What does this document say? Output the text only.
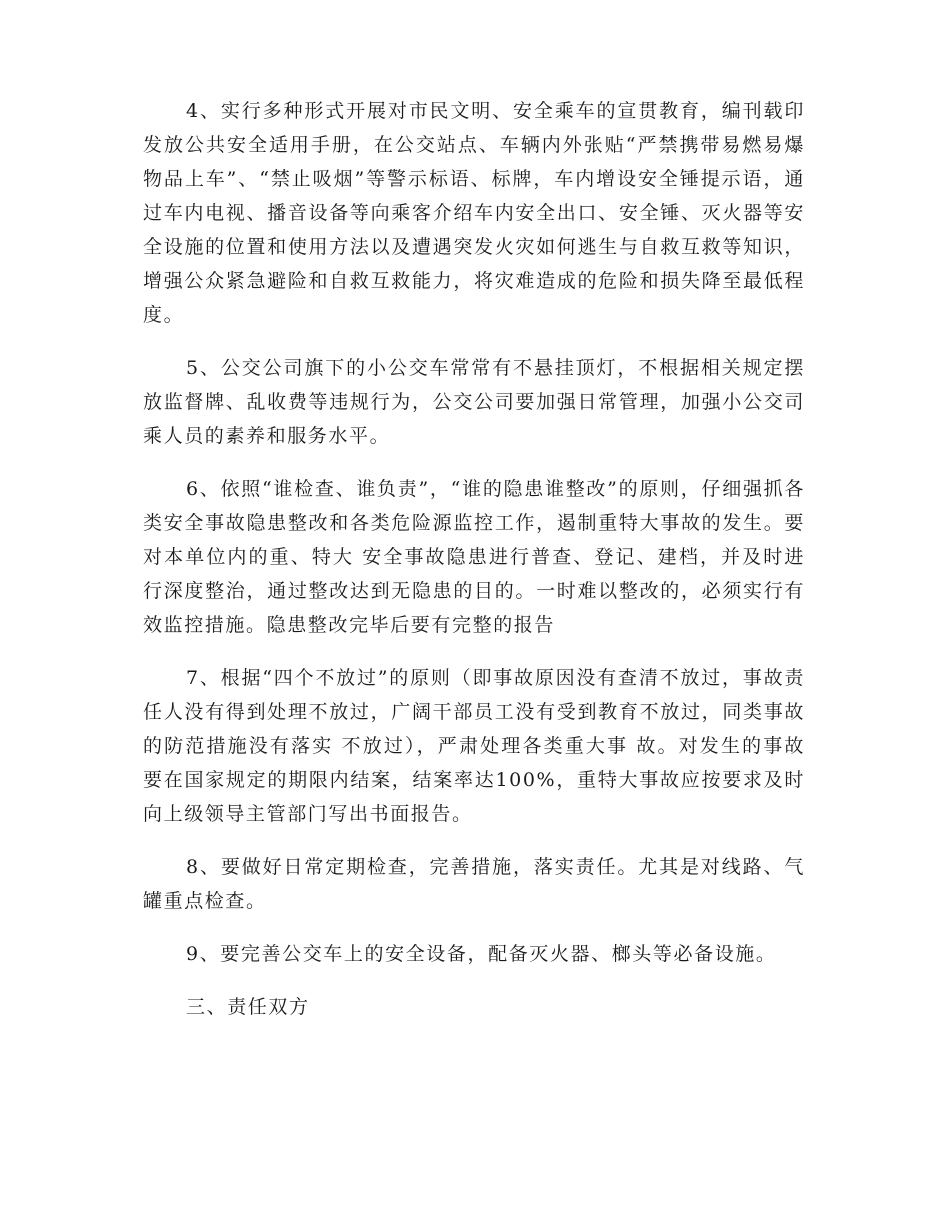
4、实行多种形式开展对市民文明、安全乘车的宣贯教育，编刊载印发放公共安全适用手册，在公交站点、车辆内外张贴“严禁携带易燃易爆物品上车”、“禁止吸烟”等警示标语、标牌，车内增设安全锤提示语，通过车内电视、播音设备等向乘客介绍车内安全出口、安全锤、灭火器等安全设施的位置和使用方法以及遭遇突发火灾如何逃生与自救互救等知识，增强公众紧急避险和自救互救能力，将灾难造成的危险和损失降至最低程度。

5、公交公司旗下的小公交车常常有不悬挂顶灯，不根据相关规定摆放监督牌、乱收费等违规行为，公交公司要加强日常管理，加强小公交司乘人员的素养和服务水平。

6、依照“谁检查、谁负责”，“谁的隐患谁整改”的原则，仔细强抓各类安全事故隐患整改和各类危险源监控工作，遏制重特大事故的发生。要对本单位内的重、特大 安全事故隐患进行普查、登记、建档，并及时进行深度整治，通过整改达到无隐患的目的。一时难以整改的，必须实行有效监控措施。隐患整改完毕后要有完整的报告

7、根据“四个不放过”的原则（即事故原因没有查清不放过，事故责任人没有得到处理不放过，广阔干部员工没有受到教育不放过，同类事故的防范措施没有落实 不放过），严肃处理各类重大事 故。对发生的事故要在国家规定的期限内结案，结案率达100%，重特大事故应按要求及时向上级领导主管部门写出书面报告。

8、要做好日常定期检查，完善措施，落实责任。尤其是对线路、气罐重点检查。

9、要完善公交车上的安全设备，配备灭火器、榔头等必备设施。

三、责任双方
